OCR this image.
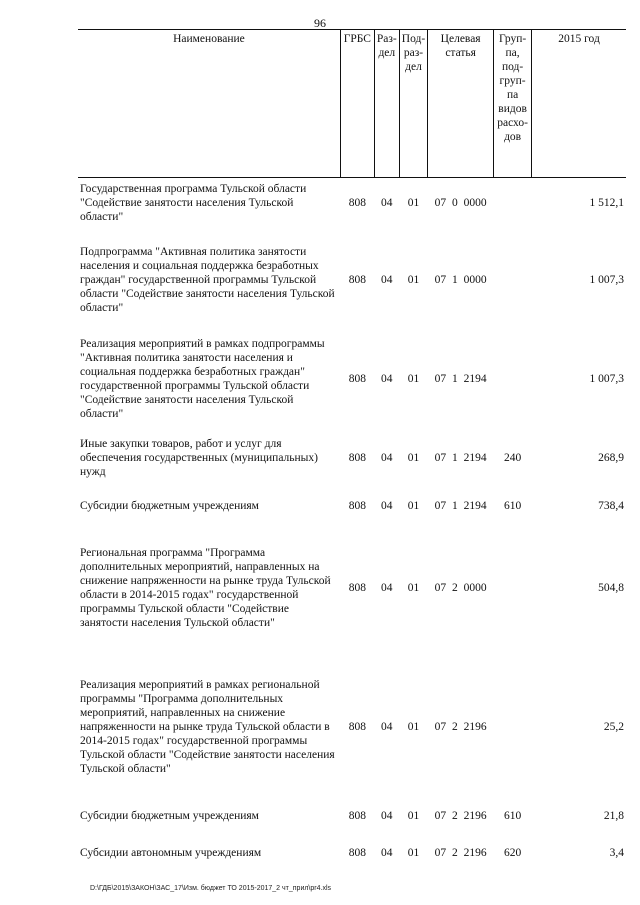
96
Наименование	ГРБС	Раз-дел	Под-раз-дел	Целевая статья	Груп-па, под-груп-па видов расхо-дов	2015 год
Государственная программа Тульской области "Содействие занятости населения Тульской области"	808	04	01	07 0 0000		1 512,1
Подпрограмма "Активная политика занятости населения и социальная поддержка безработных граждан" государственной программы Тульской области "Содействие занятости населения Тульской области"	808	04	01	07 1 0000		1 007,3
Реализация мероприятий в рамках подпрограммы "Активная политика занятости населения и социальная поддержка безработных граждан" государственной программы Тульской области "Содействие занятости населения Тульской области"	808	04	01	07 1 2194		1 007,3
Иные закупки товаров, работ и услуг для обеспечения государственных (муниципальных) нужд	808	04	01	07 1 2194	240	268,9
Субсидии бюджетным учреждениям	808	04	01	07 1 2194	610	738,4
Региональная программа "Программа дополнительных мероприятий, направленных на снижение напряженности на рынке труда Тульской области в 2014-2015 годах" государственной программы Тульской области "Содействие занятости населения Тульской области"	808	04	01	07 2 0000		504,8
Реализация мероприятий в рамках региональной программы "Программа дополнительных мероприятий, направленных на снижение напряженности на рынке труда Тульской области в 2014-2015 годах" государственной программы Тульской области "Содействие занятости населения Тульской области"	808	04	01	07 2 2196		25,2
Субсидии бюджетным учреждениям	808	04	01	07 2 2196	610	21,8
Субсидии автономным учреждениям	808	04	01	07 2 2196	620	3,4
D:\ГДБ\2015\ЗАКОН\ЗАС_17\Изм. бюджет ТО 2015-2017_2 чт_прил\pr4.xls
